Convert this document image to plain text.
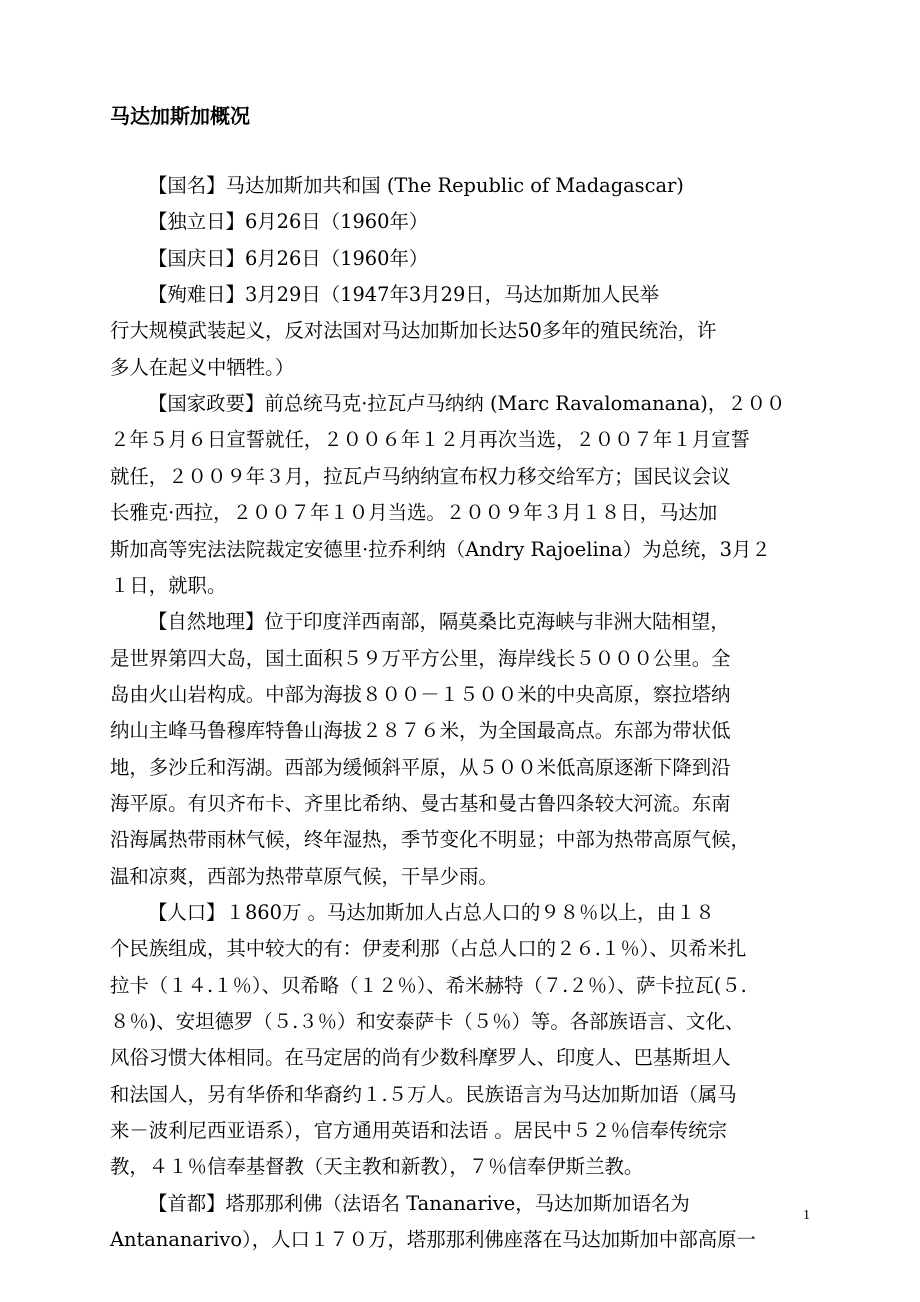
马达加斯加概况
【国名】马达加斯加共和国 (The Republic of Madagascar)
【独立日】6月26日（1960年）
【国庆日】6月26日（1960年）
【殉难日】3月29日（1947年3月29日，马达加斯加人民举
行大规模武装起义，反对法国对马达加斯加长达50多年的殖民统治，许
多人在起义中牺牲。）
【国家政要】前总统马克·拉瓦卢马纳纳 (Marc Ravalomanana)，２００
２年５月６日宣誓就任，２００６年１２月再次当选，２００７年１月宣誓
就任，２００９年３月，拉瓦卢马纳纳宣布权力移交给军方；国民议会议
长雅克·西拉，２００７年１０月当选。２００９年３月１８日，马达加
斯加高等宪法法院裁定安德里·拉乔利纳（Andry Rajoelina）为总统，3月２
１日，就职。
【自然地理】位于印度洋西南部，隔莫桑比克海峡与非洲大陆相望，
是世界第四大岛，国土面积５９万平方公里，海岸线长５０００公里。全
岛由火山岩构成。中部为海拔８００－１５００米的中央高原，察拉塔纳
纳山主峰马鲁穆库特鲁山海拔２８７６米，为全国最高点。东部为带状低
地，多沙丘和泻湖。西部为缓倾斜平原，从５００米低高原逐渐下降到沿
海平原。有贝齐布卡、齐里比希纳、曼古基和曼古鲁四条较大河流。东南
沿海属热带雨林气候，终年湿热，季节变化不明显；中部为热带高原气候，
温和凉爽，西部为热带草原气候，干旱少雨。
【人口】１860万 。马达加斯加人占总人口的９８％以上，由１８
个民族组成，其中较大的有：伊麦利那（占总人口的２６.１％）、贝希米扎
拉卡（１４.１％）、贝希略（１２％）、希米赫特（７.２％）、萨卡拉瓦(５.
８％)、安坦德罗（５.３％）和安泰萨卡（５％）等。各部族语言、文化、
风俗习惯大体相同。在马定居的尚有少数科摩罗人、印度人、巴基斯坦人
和法国人，另有华侨和华裔约１.５万人。民族语言为马达加斯加语（属马
来－波利尼西亚语系），官方通用英语和法语 。居民中５２％信奉传统宗
教，４１％信奉基督教（天主教和新教），７％信奉伊斯兰教。
【首都】塔那那利佛（法语名 Tananarive，马达加斯加语名为
Antananarivo），人口１７０万，塔那那利佛座落在马达加斯加中部高原一
1
